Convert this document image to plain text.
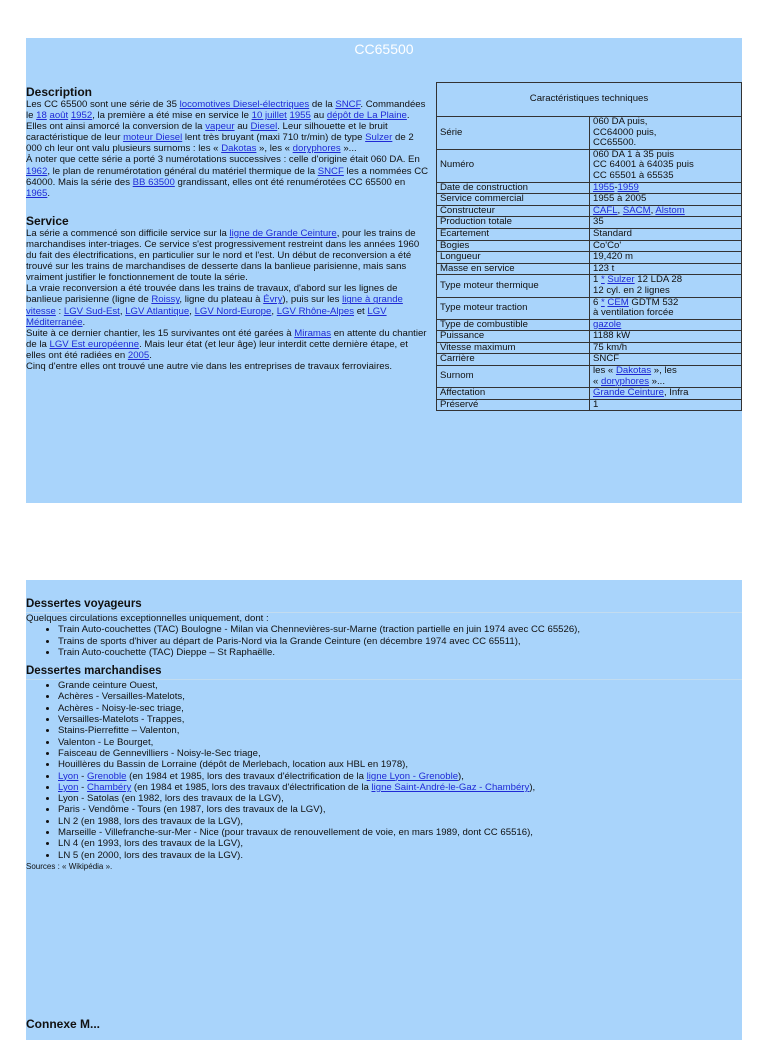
CC65500
Description

Les CC 65500 sont une série de 35 locomotives Diesel-électriques de la SNCF. Commandées le 18 août 1952, la première a été mise en service le 10 juillet 1955 au dépôt de La Plaine. Elles ont ainsi amorcé la conversion de la vapeur au Diesel. Leur silhouette et le bruit caractéristique de leur moteur Diesel lent très bruyant (maxi 710 tr/min) de type Sulzer de 2 000 ch leur ont valu plusieurs surnoms : les « Dakotas », les « doryphores »...

À noter que cette série a porté 3 numérotations successives : celle d'origine était 060 DA. En 1962, le plan de renumérotation général du matériel thermique de la SNCF les a nommées CC 64000. Mais la série des BB 63500 grandissant, elles ont été renumérotées CC 65500 en 1965.

Service

La série a commencé son difficile service sur la ligne de Grande Ceinture, pour les trains de marchandises inter-triages. Ce service s'est progressivement restreint dans les années 1960 du fait des électrifications, en particulier sur le nord et l'est. Un début de reconversion a été trouvé sur les trains de marchandises de desserte dans la banlieue parisienne, mais sans vraiment justifier le fonctionnement de toute la série.

La vraie reconversion a été trouvée dans les trains de travaux, d'abord sur les lignes de banlieue parisienne (ligne de Roissy, ligne du plateau à Évry), puis sur les ligne à grande vitesse : LGV Sud-Est, LGV Atlantique, LGV Nord-Europe, LGV Rhône-Alpes et LGV Méditerranée.

Suite à ce dernier chantier, les 15 survivantes ont été garées à Miramas en attente du chantier de la LGV Est européenne. Mais leur état (et leur âge) leur interdit cette dernière étape, et elles ont été radiées en 2005.

Cinq d'entre elles ont trouvé une autre vie dans les entreprises de travaux ferroviaires.

Caractéristiques techniques	
Série	060 DA puis,
CC64000 puis,
CC65500.
Numéro	060 DA 1 à 35 puis
CC 64001 à 64035 puis
CC 65501 à 65535
Date de construction	1955-1959
Service commercial	1955 à 2005
Constructeur	CAFL, SACM, Alstom
Production totale	35
Ecartement	Standard
Bogies	Co'Co'
Longueur	19,420 m
Masse en service	123 t
Type moteur thermique	1 * Sulzer 12 LDA 28
12 cyl. en 2 lignes
Type moteur traction	6 * CEM GDTM 532
à ventilation forcée
Type de combustible	gazole
Puissance	1188 kW
Vitesse maximum	75 km/h
Carrière	SNCF
Surnom	les « Dakotas », les
« doryphores »...
Affectation	Grande Ceinture, Infra
Préservé	1
Dessertes voyageurs

Quelques circulations exceptionnelles uniquement, dont :

• Train Auto-couchettes (TAC) Boulogne - Milan via Chennevières-sur-Marne (traction partielle en juin 1974 avec CC 65526),
• Trains de sports d'hiver au départ de Paris-Nord via la Grande Ceinture (en décembre 1974 avec CC 65511),
• Train Auto-couchette (TAC) Dieppe – St Raphaëlle.
Dessertes marchandises
• Grande ceinture Ouest,
• Achères - Versailles-Matelots,
• Achères - Noisy-le-sec triage,
• Versailles-Matelots - Trappes,
• Stains-Pierrefitte – Valenton,
• Valenton - Le Bourget,
• Faisceau de Gennevilliers - Noisy-le-Sec triage,
• Houillères du Bassin de Lorraine (dépôt de Merlebach, location aux HBL en 1978),
• Lyon - Grenoble (en 1984 et 1985, lors des travaux d'électrification de la ligne Lyon - Grenoble),
• Lyon - Chambéry (en 1984 et 1985, lors des travaux d'électrification de la ligne Saint-André-le-Gaz - Chambéry),
• Lyon - Satolas (en 1982, lors des travaux de la LGV),
• Paris - Vendôme - Tours (en 1987, lors des travaux de la LGV),
• LN 2 (en 1988, lors des travaux de la LGV),
• Marseille - Villefranche-sur-Mer - Nice (pour travaux de renouvellement de voie, en mars 1989, dont CC 65516),
• LN 4 (en 1993, lors des travaux de la LGV),
• LN 5 (en 2000, lors des travaux de la LGV).

Sources : « Wikipédia ».

Connexe M...
